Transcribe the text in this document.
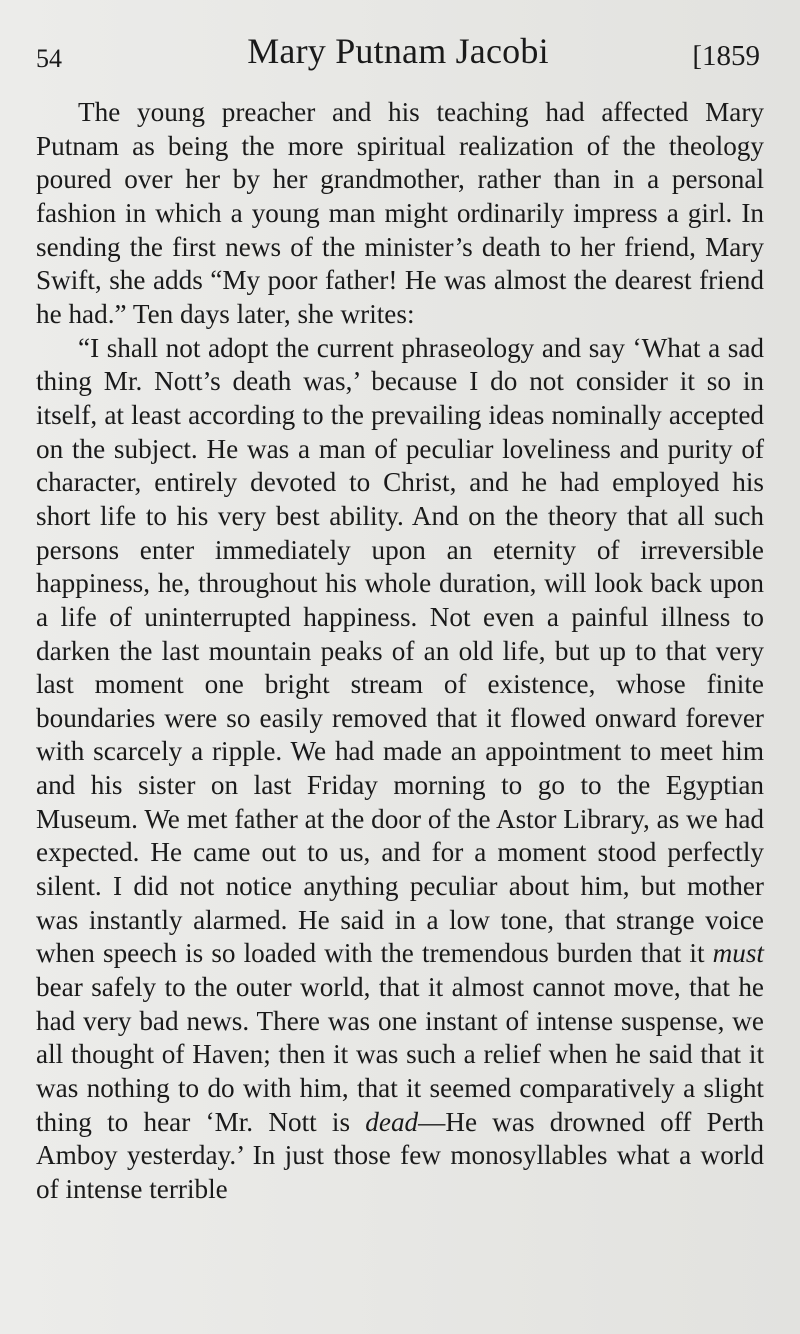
54	Mary Putnam Jacobi	[1859

The young preacher and his teaching had affected Mary Putnam as being the more spiritual realization of the theology poured over her by her grandmother, rather than in a personal fashion in which a young man might ordinarily impress a girl. In sending the first news of the minister’s death to her friend, Mary Swift, she adds “My poor father! He was almost the dearest friend he had.” Ten days later, she writes:

“I shall not adopt the current phraseology and say ‘What a sad thing Mr. Nott’s death was,’ because I do not consider it so in itself, at least according to the prevailing ideas nominally accepted on the subject. He was a man of peculiar loveliness and purity of character, entirely devoted to Christ, and he had employed his short life to his very best ability. And on the theory that all such persons enter immediately upon an eternity of irreversible happiness, he, throughout his whole duration, will look back upon a life of uninterrupted happiness. Not even a painful illness to darken the last mountain peaks of an old life, but up to that very last moment one bright stream of existence, whose finite boundaries were so easily removed that it flowed onward forever with scarcely a ripple. We had made an appointment to meet him and his sister on last Friday morning to go to the Egyptian Museum. We met father at the door of the Astor Library, as we had expected. He came out to us, and for a moment stood perfectly silent. I did not notice anything peculiar about him, but mother was instantly alarmed. He said in a low tone, that strange voice when speech is so loaded with the tremendous burden that it must bear safely to the outer world, that it almost cannot move, that he had very bad news. There was one instant of intense suspense, we all thought of Haven; then it was such a relief when he said that it was nothing to do with him, that it seemed comparatively a slight thing to hear ‘Mr. Nott is dead—He was drowned off Perth Amboy yesterday.’ In just those few monosyllables what a world of intense terrible
